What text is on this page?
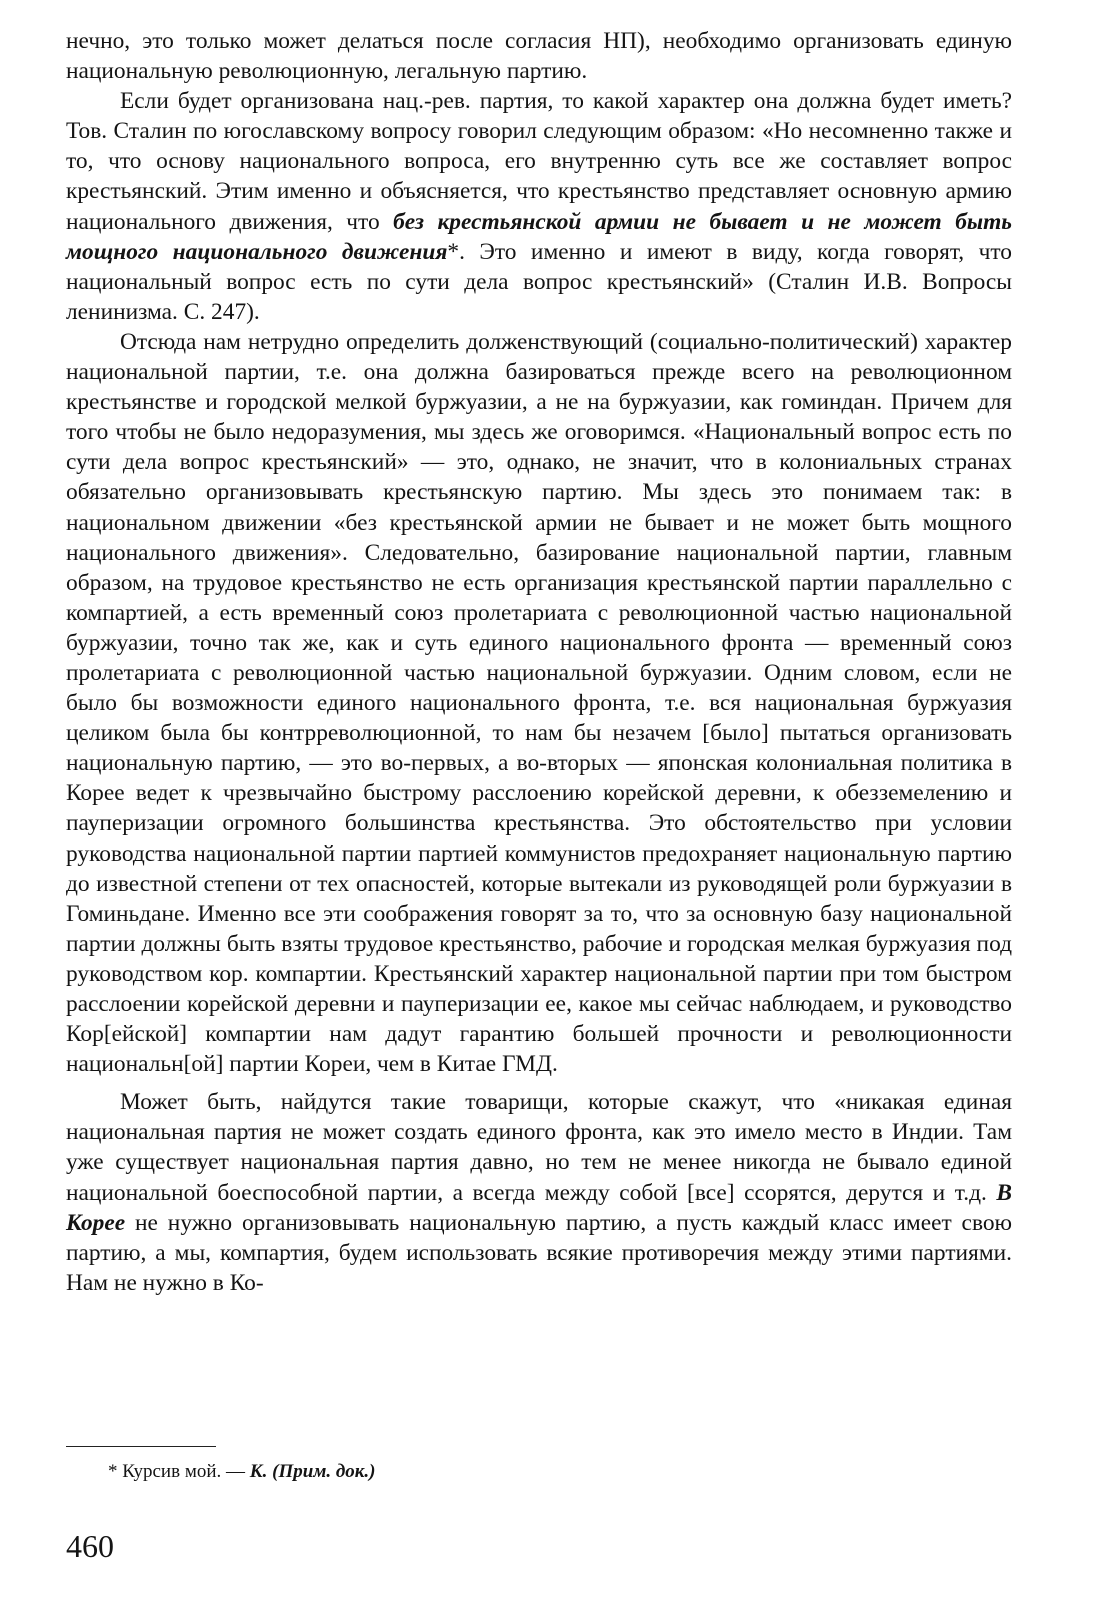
нечно, это только может делаться после согласия НП), необходимо организовать единую национальную революционную, легальную партию.

Если будет организована нац.-рев. партия, то какой характер она должна будет иметь? Тов. Сталин по югославскому вопросу говорил следующим образом: «Но несомненно также и то, что основу национального вопроса, его внутренню суть все же составляет вопрос крестьянский. Этим именно и объясняется, что крестьянство представляет основную армию национального движения, что без крестьянской армии не бывает и не может быть мощного национального движения*. Это именно и имеют в виду, когда говорят, что национальный вопрос есть по сути дела вопрос крестьянский» (Сталин И.В. Вопросы ленинизма. С. 247).

Отсюда нам нетрудно определить долженствующий (социально-политический) характер национальной партии, т.е. она должна базироваться прежде всего на революционном крестьянстве и городской мелкой буржуазии, а не на буржуазии, как гоминдан. Причем для того чтобы не было недоразумения, мы здесь же оговоримся. «Национальный вопрос есть по сути дела вопрос крестьянский» — это, однако, не значит, что в колониальных странах обязательно организовывать крестьянскую партию. Мы здесь это понимаем так: в национальном движении «без крестьянской армии не бывает и не может быть мощного национального движения». Следовательно, базирование национальной партии, главным образом, на трудовое крестьянство не есть организация крестьянской партии параллельно с компартией, а есть временный союз пролетариата с революционной частью национальной буржуазии, точно так же, как и суть единого национального фронта — временный союз пролетариата с революционной частью национальной буржуазии. Одним словом, если не было бы возможности единого национального фронта, т.е. вся национальная буржуазия целиком была бы контрреволюционной, то нам бы незачем [было] пытаться организовать национальную партию, — это во-первых, а во-вторых — японская колониальная политика в Корее ведет к чрезвычайно быстрому расслоению корейской деревни, к обезземелению и пауперизации огромного большинства крестьянства. Это обстоятельство при условии руководства национальной партии партией коммунистов предохраняет национальную партию до известной степени от тех опасностей, которые вытекали из руководящей роли буржуазии в Гоминьдане. Именно все эти соображения говорят за то, что за основную базу национальной партии должны быть взяты трудовое крестьянство, рабочие и городская мелкая буржуазия под руководством кор. компартии. Крестьянский характер национальной партии при том быстром расслоении корейской деревни и пауперизации ее, какое мы сейчас наблюдаем, и руководство Кор[ейской] компартии нам дадут гарантию большей прочности и революционности национальн[ой] партии Кореи, чем в Китае ГМД.

Может быть, найдутся такие товарищи, которые скажут, что «никакая единая национальная партия не может создать единого фронта, как это имело место в Индии. Там уже существует национальная партия давно, но тем не менее никогда не бывало единой национальной боеспособной партии, а всегда между собой [все] ссорятся, дерутся и т.д. В Корее не нужно организовывать национальную партию, а пусть каждый класс имеет свою партию, а мы, компартия, будем использовать всякие противоречия между этими партиями. Нам не нужно в Ко-

* Курсив мой. — К. (Прим. док.)
460
